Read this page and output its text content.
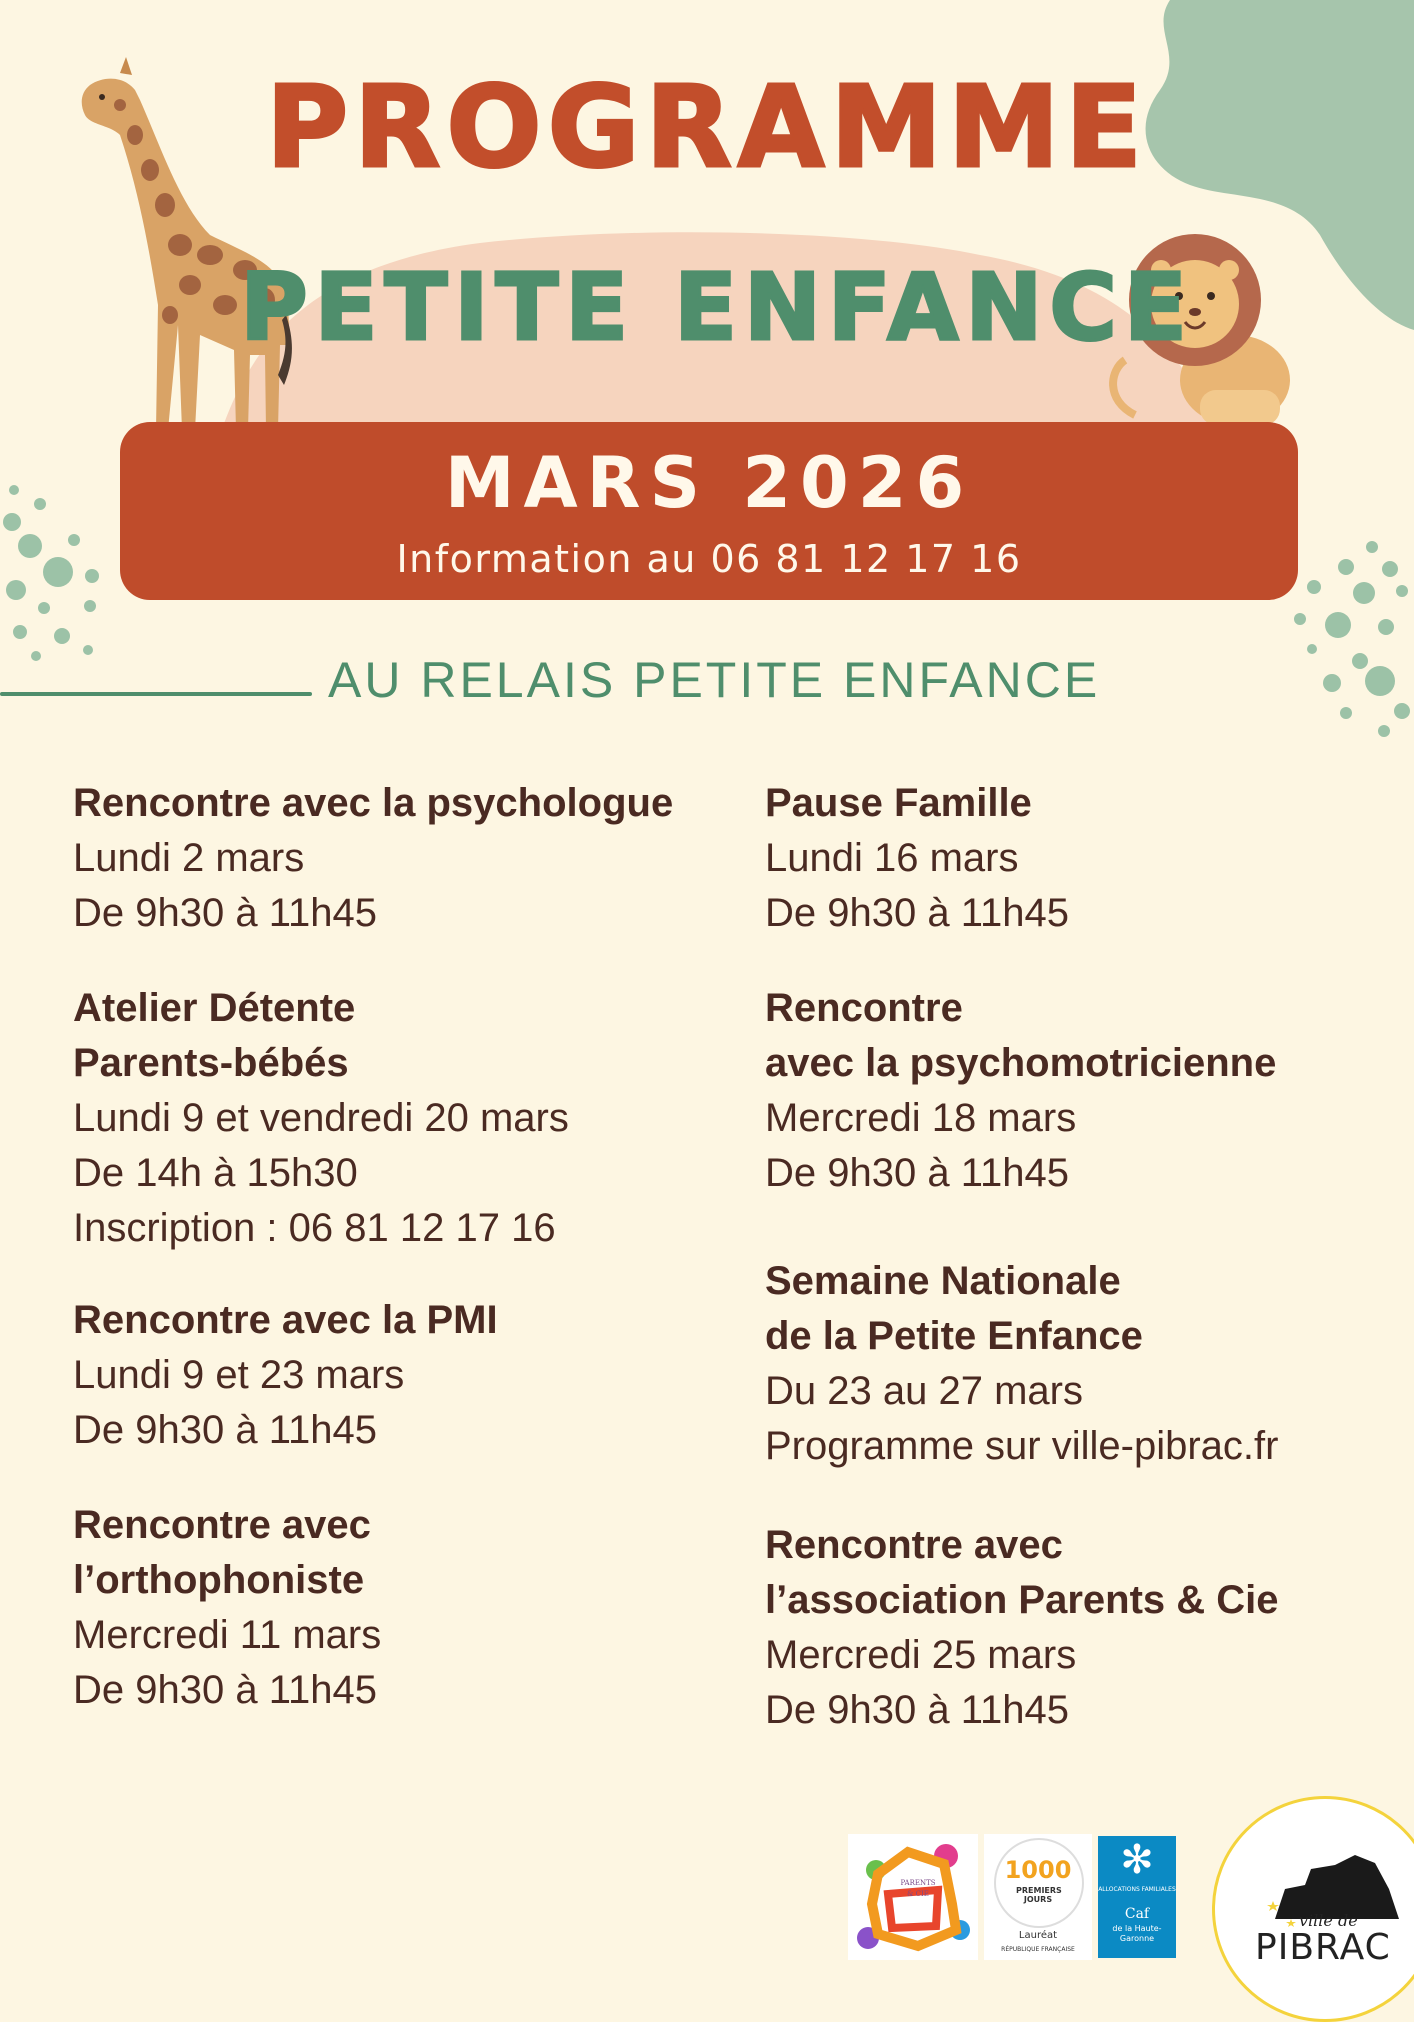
PROGRAMME
PETITE ENFANCE
MARS 2026
Information au 06 81 12 17 16
AU RELAIS PETITE ENFANCE
Rencontre avec la psychologue
Lundi 2 mars
De 9h30 à 11h45
Atelier Détente
Parents-bébés
Lundi 9 et vendredi 20 mars
De 14h à 15h30
Inscription : 06 81 12 17 16
Rencontre avec la PMI
Lundi 9 et 23 mars
De 9h30 à 11h45
Rencontre avec
l’orthophoniste
Mercredi 11 mars
De 9h30 à 11h45
Pause Famille
Lundi 16 mars
De 9h30 à 11h45
Rencontre
avec la psychomotricienne
Mercredi 18 mars
De 9h30 à 11h45
Semaine Nationale
de la Petite Enfance
Du 23 au 27 mars
Programme sur ville-pibrac.fr
Rencontre avec
l’association Parents & Cie
Mercredi 25 mars
De 9h30 à 11h45
PARENTS & CIE
1000
PREMIERS JOURS
Lauréat
RÉPUBLIQUE FRANÇAISE
✻
ALLOCATIONS FAMILIALES
Caf
de la Haute-Garonne
ville de
PIBRAC
